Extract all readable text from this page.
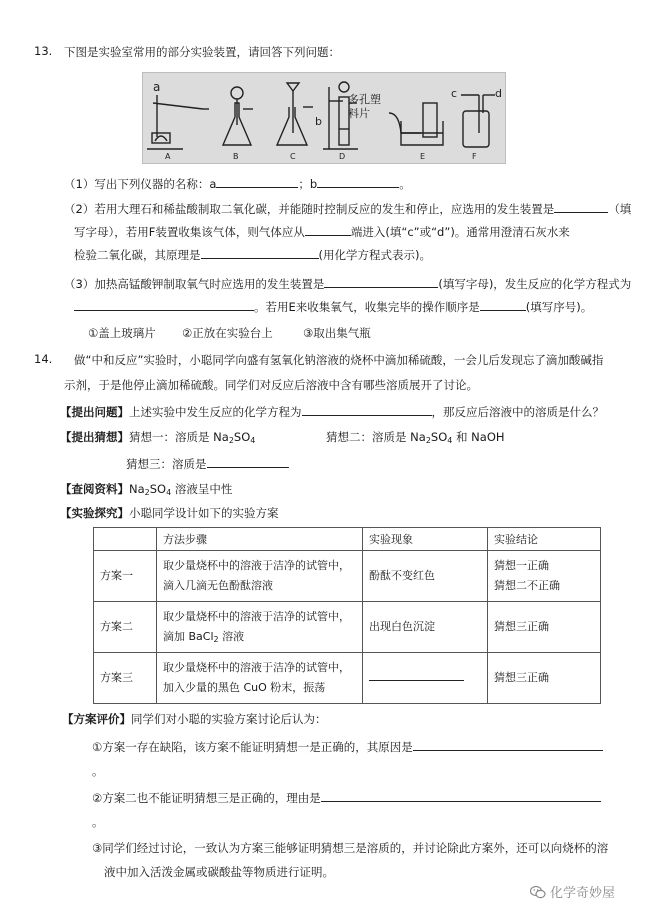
13. 下图是实验室常用的部分实验装置，请回答下列问题：
a
A	B
b
C
多孔塑
料片
D	E
c	d
F
（1）写出下列仪器的名称：a	；b	。
（2）若用大理石和稀盐酸制取二氧化碳，并能随时控制反应的发生和停止，应选用的发生装置是	（填
写字母），若用F装置收集该气体，则气体应从	端进入(填“c”或“d”)。通常用澄清石灰水来
检验二氧化碳，其原理是	(用化学方程式表示)。
（3）加热高锰酸钾制取氧气时应选用的发生装置是	(填写字母)，发生反应的化学方程式为
。若用E来收集氧气，收集完毕的操作顺序是	(填写序号)。
①盖上玻璃片 ②正放在实验台上	③取出集气瓶
14. 做“中和反应”实验时，小聪同学向盛有氢氧化钠溶液的烧杯中滴加稀硫酸，一会儿后发现忘了滴加酸碱指
示剂，于是他停止滴加稀硫酸。同学们对反应后溶液中含有哪些溶质展开了讨论。
【提出问题】上述实验中发生反应的化学方程为	，那反应后溶液中的溶质是什么？
【提出猜想】猜想一：溶质是 $Na_2SO_4$	猜想二：溶质是 $Na_2SO_4$ 和 NaOH
猜想三：溶质是
【查阅资料】$Na_2SO_4$ 溶液呈中性
【实验探究】小聪同学设计如下的实验方案
	方法步骤	实验现象	实验结论
方案一	取少量烧杯中的溶液于洁净的试管中，
滴入几滴无色酚酞溶液	酚酞不变红色	猜想一正确
猜想二不正确
方案二	取少量烧杯中的溶液于洁净的试管中，
滴加 BaCl$_2$ 溶液	出现白色沉淀	猜想三正确
方案三	取少量烧杯中的溶液于洁净的试管中，
加入少量的黑色 CuO 粉末，振荡		猜想三正确
【方案评价】同学们对小聪的实验方案讨论后认为：
①方案一存在缺陷，该方案不能证明猜想一是正确的，其原因是
。
②方案二也不能证明猜想三是正确的，理由是
。
③同学们经过讨论，一致认为方案三能够证明猜想三是溶质的，并讨论除此方案外，还可以向烧杯的溶
液中加入活泼金属或碳酸盐等物质进行证明。
化学奇妙屋
